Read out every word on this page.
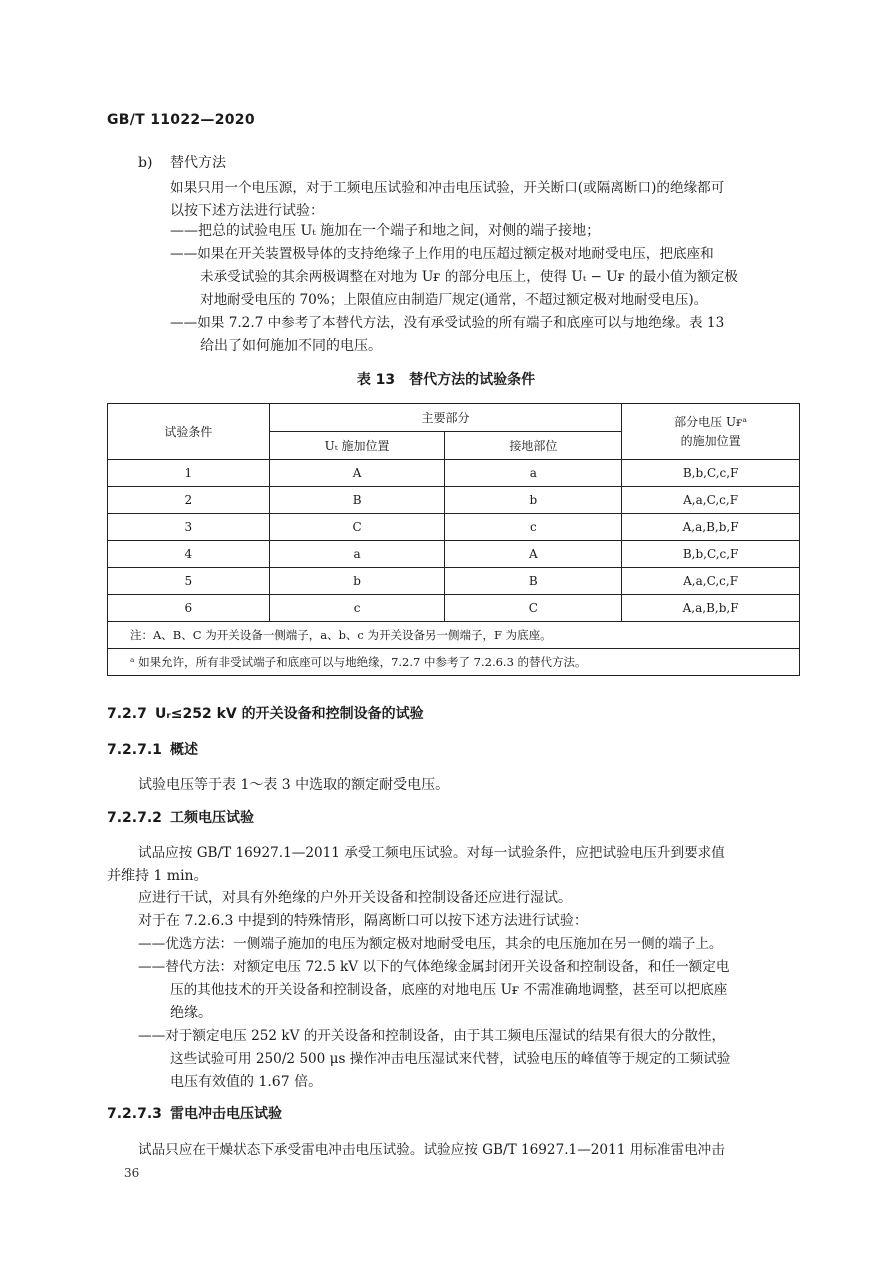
GB/T 11022—2020
b) 替代方法
如果只用一个电压源，对于工频电压试验和冲击电压试验，开关断口(或隔离断口)的绝缘都可
以按下述方法进行试验：
——把总的试验电压 Uₜ 施加在一个端子和地之间，对侧的端子接地；
——如果在开关装置极导体的支持绝缘子上作用的电压超过额定极对地耐受电压，把底座和
未承受试验的其余两极调整在对地为 Uғ 的部分电压上，使得 Uₜ − Uғ 的最小值为额定极
对地耐受电压的 70%；上限值应由制造厂规定(通常，不超过额定极对地耐受电压)。
——如果 7.2.7 中参考了本替代方法，没有承受试验的所有端子和底座可以与地绝缘。表 13
给出了如何施加不同的电压。
表 13　替代方法的试验条件
试验条件	主要部分		部分电压 Uғᵃ
的施加位置

	Uₜ 施加位置	接地部位	
1	A	a	B,b,C,c,F
2	B	b	A,a,C,c,F
3	C	c	A,a,B,b,F
4	a	A	B,b,C,c,F
5	b	B	A,a,C,c,F
6	c	C	A,a,B,b,F
注：A、B、C 为开关设备一侧端子，a、b、c 为开关设备另一侧端子，F 为底座。			
ᵃ 如果允许，所有非受试端子和底座可以与地绝缘，7.2.7 中参考了 7.2.6.3 的替代方法。			
7.2.7 Uᵣ≤252 kV 的开关设备和控制设备的试验
7.2.7.1 概述
试验电压等于表 1～表 3 中选取的额定耐受电压。
7.2.7.2 工频电压试验
试品应按 GB/T 16927.1—2011 承受工频电压试验。对每一试验条件，应把试验电压升到要求值
并维持 1 min。
应进行干试，对具有外绝缘的户外开关设备和控制设备还应进行湿试。
对于在 7.2.6.3 中提到的特殊情形，隔离断口可以按下述方法进行试验：
——优选方法：一侧端子施加的电压为额定极对地耐受电压，其余的电压施加在另一侧的端子上。
——替代方法：对额定电压 72.5 kV 以下的气体绝缘金属封闭开关设备和控制设备，和任一额定电
压的其他技术的开关设备和控制设备，底座的对地电压 Uғ 不需准确地调整，甚至可以把底座
绝缘。
——对于额定电压 252 kV 的开关设备和控制设备，由于其工频电压湿试的结果有很大的分散性，
这些试验可用 250/2 500 μs 操作冲击电压湿试来代替，试验电压的峰值等于规定的工频试验
电压有效值的 1.67 倍。
7.2.7.3 雷电冲击电压试验
试品只应在干燥状态下承受雷电冲击电压试验。试验应按 GB/T 16927.1—2011 用标准雷电冲击
36
